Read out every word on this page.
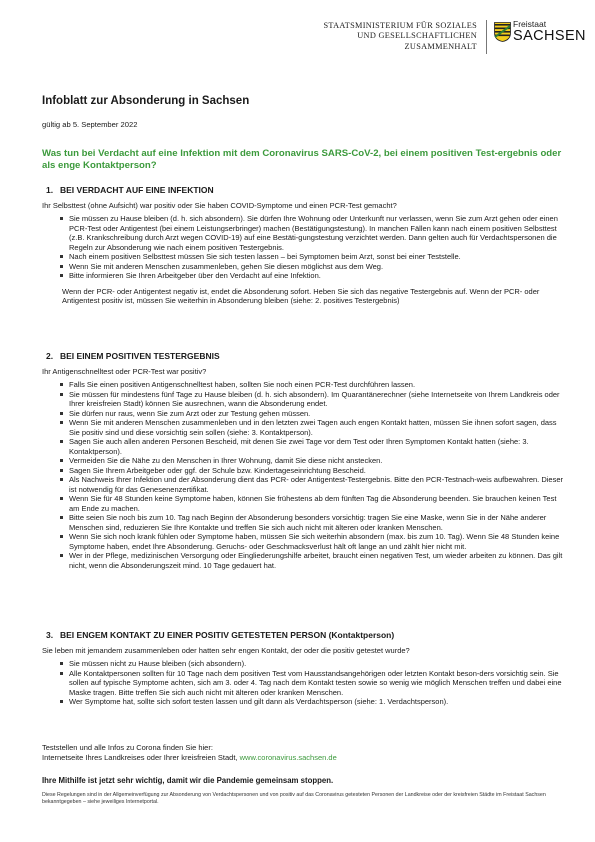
STAATSMINISTERIUM FÜR SOZIALES
UND GESELLSCHAFTLICHEN
ZUSAMMENHALT
Freistaat
SACHSEN
Infoblatt zur Absonderung in Sachsen
gültig ab 5. September 2022
Was tun bei Verdacht auf eine Infektion mit dem Coronavirus SARS-CoV-2, bei einem positiven Test-ergebnis oder als enge Kontaktperson?
1. BEI VERDACHT AUF EINE INFEKTION

Ihr Selbsttest (ohne Aufsicht) war positiv oder Sie haben COVID-Symptome und einen PCR-Test gemacht?

Sie müssen zu Hause bleiben (d. h. sich absondern). Sie dürfen Ihre Wohnung oder Unterkunft nur verlassen, wenn Sie zum Arzt gehen oder einen PCR-Test oder Antigentest (bei einem Leistungserbringer) machen (Bestätigungstestung). In manchen Fällen kann nach einem positiven Selbsttest (z.B. Krankschreibung durch Arzt wegen COVID-19) auf eine Bestäti-gungstestung verzichtet werden. Dann gelten auch für Verdachtspersonen die Regeln zur Absonderung wie nach einem positiven Testergebnis.
Nach einem positiven Selbsttest müssen Sie sich testen lassen – bei Symptomen beim Arzt, sonst bei einer Teststelle.
Wenn Sie mit anderen Menschen zusammenleben, gehen Sie diesen möglichst aus dem Weg.
Bitte informieren Sie Ihren Arbeitgeber über den Verdacht auf eine Infektion.

Wenn der PCR- oder Antigentest negativ ist, endet die Absonderung sofort. Heben Sie sich das negative Testergebnis auf. Wenn der PCR- oder Antigentest positiv ist, müssen Sie weiterhin in Absonderung bleiben (siehe: 2. positives Testergebnis)

2. BEI EINEM POSITIVEN TESTERGEBNIS

Ihr Antigenschnelltest oder PCR-Test war positiv?

Falls Sie einen positiven Antigenschnelltest haben, sollten Sie noch einen PCR-Test durchführen lassen.
Sie müssen für mindestens fünf Tage zu Hause bleiben (d. h. sich absondern). Im Quarantänerechner (siehe Internetseite von Ihrem Landkreis oder Ihrer kreisfreien Stadt) können Sie ausrechnen, wann die Absonderung endet.
Sie dürfen nur raus, wenn Sie zum Arzt oder zur Testung gehen müssen.
Wenn Sie mit anderen Menschen zusammenleben und in den letzten zwei Tagen auch engen Kontakt hatten, müssen Sie ihnen sofort sagen, dass Sie positiv sind und diese vorsichtig sein sollen (siehe: 3. Kontaktperson).
Sagen Sie auch allen anderen Personen Bescheid, mit denen Sie zwei Tage vor dem Test oder Ihren Symptomen Kontakt hatten (siehe: 3. Kontaktperson).
Vermeiden Sie die Nähe zu den Menschen in Ihrer Wohnung, damit Sie diese nicht anstecken.
Sagen Sie Ihrem Arbeitgeber oder ggf. der Schule bzw. Kindertageseinrichtung Bescheid.
Als Nachweis Ihrer Infektion und der Absonderung dient das PCR- oder Antigentest-Testergebnis. Bitte den PCR-Testnach-weis aufbewahren. Dieser ist notwendig für das Genesenenzertifikat.
Wenn Sie für 48 Stunden keine Symptome haben, können Sie frühestens ab dem fünften Tag die Absonderung beenden. Sie brauchen keinen Test am Ende zu machen.
Bitte seien Sie noch bis zum 10. Tag nach Beginn der Absonderung besonders vorsichtig: tragen Sie eine Maske, wenn Sie in der Nähe anderer Menschen sind, reduzieren Sie Ihre Kontakte und treffen Sie sich auch nicht mit älteren oder kranken Menschen.
Wenn Sie sich noch krank fühlen oder Symptome haben, müssen Sie sich weiterhin absondern (max. bis zum 10. Tag). Wenn Sie 48 Stunden keine Symptome haben, endet Ihre Absonderung. Geruchs- oder Geschmacksverlust hält oft lange an und zählt hier nicht mit.
Wer in der Pflege, medizinischen Versorgung oder Eingliederungshilfe arbeitet, braucht einen negativen Test, um wieder arbeiten zu können. Das gilt nicht, wenn die Absonderungszeit mind. 10 Tage gedauert hat.
3. BEI ENGEM KONTAKT ZU EINER POSITIV GETESTETEN PERSON (Kontaktperson)

Sie leben mit jemandem zusammenleben oder hatten sehr engen Kontakt, der oder die positiv getestet wurde?

Sie müssen nicht zu Hause bleiben (sich absondern).
Alle Kontaktpersonen sollten für 10 Tage nach dem positiven Test vom Hausstandsangehörigen oder letzten Kontakt beson-ders vorsichtig sein. Sie sollen auf typische Symptome achten, sich am 3. oder 4. Tag nach dem Kontakt testen sowie so wenig wie möglich Menschen treffen und dabei eine Maske tragen. Bitte treffen Sie sich auch nicht mit älteren oder kranken Menschen.
Wer Symptome hat, sollte sich sofort testen lassen und gilt dann als Verdachtsperson (siehe: 1. Verdachtsperson).
Teststellen und alle Infos zu Corona finden Sie hier:
Internetseite Ihres Landkreises oder Ihrer kreisfreien Stadt, www.coronavirus.sachsen.de
Ihre Mithilfe ist jetzt sehr wichtig, damit wir die Pandemie gemeinsam stoppen.
Diese Regelungen sind in der Allgemeinverfügung zur Absonderung von Verdachtspersonen und von positiv auf das Coronavirus getesteten Personen der Landkreise oder der kreisfreien Städte im Freistaat Sachsen bekanntgegeben – siehe jeweiliges Internetportal.
